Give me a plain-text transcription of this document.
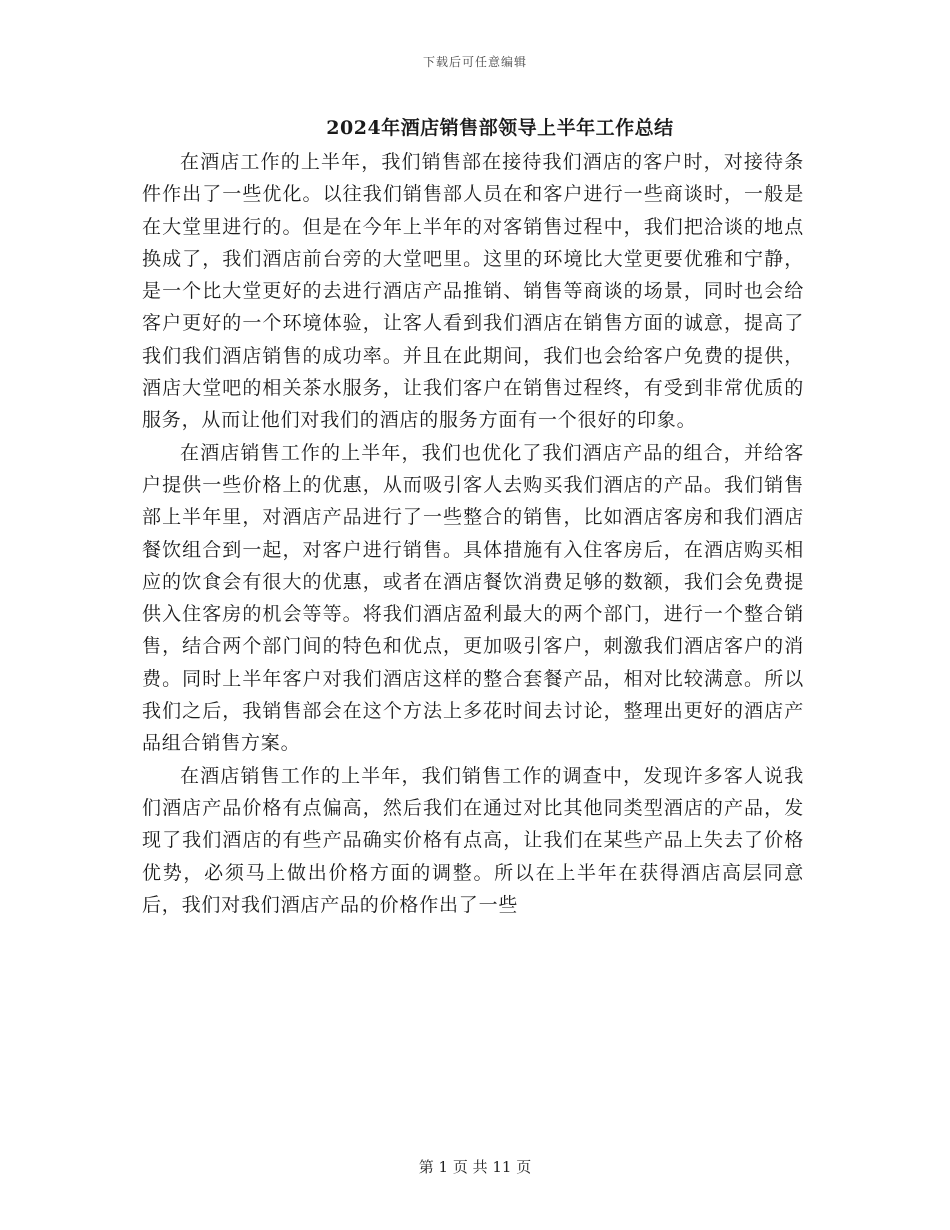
下载后可任意编辑
2024年酒店销售部领导上半年工作总结

在酒店工作的上半年，我们销售部在接待我们酒店的客户时，对接待条件作出了一些优化。以往我们销售部人员在和客户进行一些商谈时，一般是在大堂里进行的。但是在今年上半年的对客销售过程中，我们把洽谈的地点换成了，我们酒店前台旁的大堂吧里。这里的环境比大堂更要优雅和宁静，是一个比大堂更好的去进行酒店产品推销、销售等商谈的场景，同时也会给客户更好的一个环境体验，让客人看到我们酒店在销售方面的诚意，提高了我们我们酒店销售的成功率。并且在此期间，我们也会给客户免费的提供，酒店大堂吧的相关茶水服务，让我们客户在销售过程终，有受到非常优质的服务，从而让他们对我们的酒店的服务方面有一个很好的印象。

在酒店销售工作的上半年，我们也优化了我们酒店产品的组合，并给客户提供一些价格上的优惠，从而吸引客人去购买我们酒店的产品。我们销售部上半年里，对酒店产品进行了一些整合的销售，比如酒店客房和我们酒店餐饮组合到一起，对客户进行销售。具体措施有入住客房后，在酒店购买相应的饮食会有很大的优惠，或者在酒店餐饮消费足够的数额，我们会免费提供入住客房的机会等等。将我们酒店盈利最大的两个部门，进行一个整合销售，结合两个部门间的特色和优点，更加吸引客户，刺激我们酒店客户的消费。同时上半年客户对我们酒店这样的整合套餐产品，相对比较满意。所以我们之后，我销售部会在这个方法上多花时间去讨论，整理出更好的酒店产品组合销售方案。

在酒店销售工作的上半年，我们销售工作的调查中，发现许多客人说我们酒店产品价格有点偏高，然后我们在通过对比其他同类型酒店的产品，发现了我们酒店的有些产品确实价格有点高，让我们在某些产品上失去了价格优势，必须马上做出价格方面的调整。所以在上半年在获得酒店高层同意后，我们对我们酒店产品的价格作出了一些

第 1 页 共 11 页
